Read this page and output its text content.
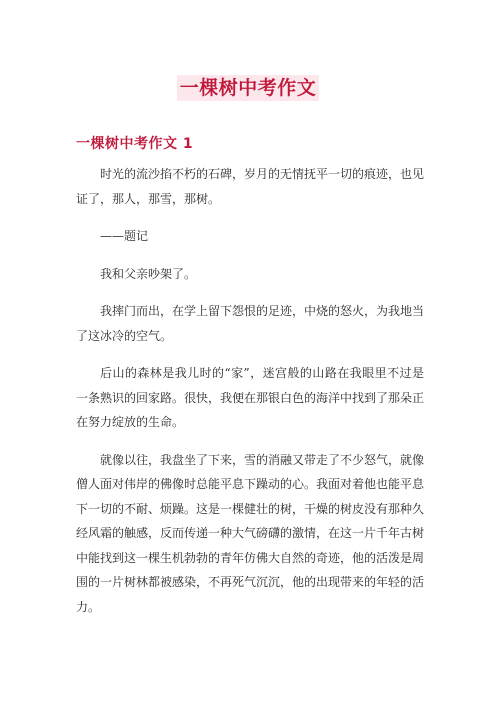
一棵树中考作文
一棵树中考作文 1

时光的流沙掐不朽的石碑，岁月的无情抚平一切的痕迹，也见证了，那人，那雪，那树。

——题记

我和父亲吵架了。

我摔门而出，在学上留下怨恨的足迹，中烧的怒火，为我地当了这冰冷的空气。

后山的森林是我儿时的“家”，迷宫般的山路在我眼里不过是一条熟识的回家路。很快，我便在那银白色的海洋中找到了那朵正在努力绽放的生命。

就像以往，我盘坐了下来，雪的消融又带走了不少怒气，就像僧人面对伟岸的佛像时总能平息下躁动的心。我面对着他也能平息下一切的不耐、烦躁。这是一棵健壮的树，干燥的树皮没有那种久经风霜的触感，反而传递一种大气磅礴的激情，在这一片千年古树中能找到这一棵生机勃勃的青年仿佛大自然的奇迹，他的活泼是周围的一片树林都被感染，不再死气沉沉，他的出现带来的年轻的活力。
